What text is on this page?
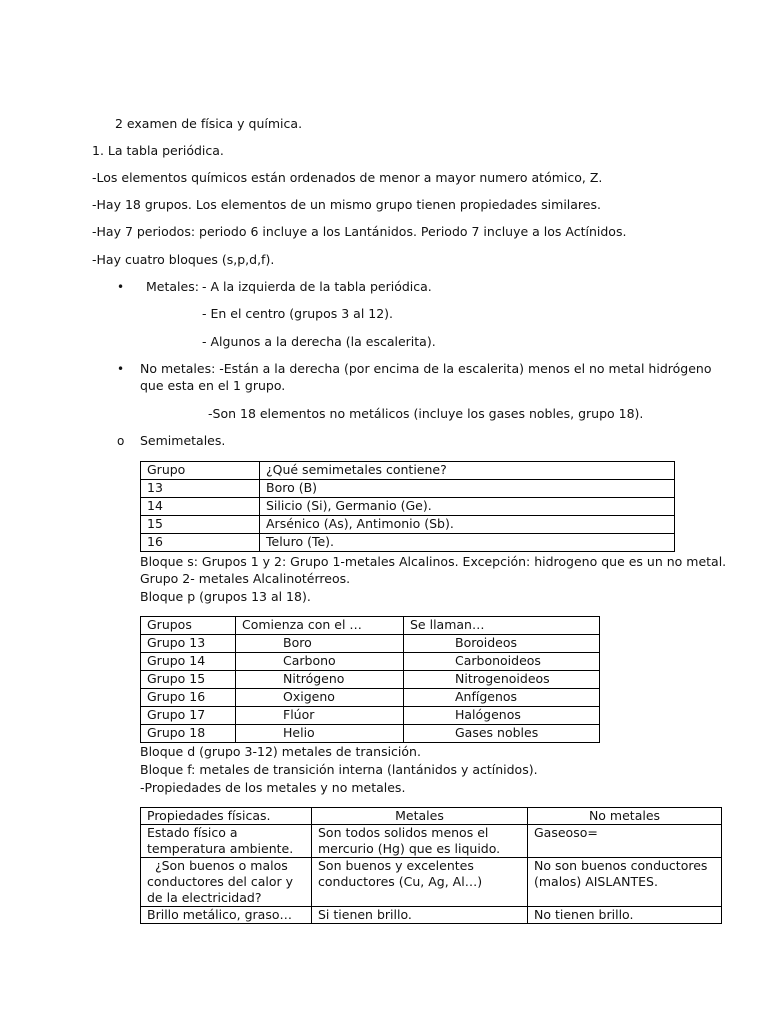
2 examen de física y química.
1. La tabla periódica.
-Los elementos químicos están ordenados de menor a mayor numero atómico, Z.
-Hay 18 grupos. Los elementos de un mismo grupo tienen propiedades similares.
-Hay 7 periodos: periodo 6 incluye a los Lantánidos. Periodo 7 incluye a los Actínidos.
-Hay cuatro bloques (s,p,d,f).
• Metales: - A la izquierda de la tabla periódica.
- En el centro (grupos 3 al 12).
- Algunos a la derecha (la escalerita).
• No metales: -Están a la derecha (por encima de la escalerita) menos el no metal hidrógeno
que esta en el 1 grupo.
-Son 18 elementos no metálicos (incluye los gases nobles, grupo 18).
o Semimetales.
Grupo	¿Qué semimetales contiene?
13	Boro (B)
14	Silicio (Si), Germanio (Ge).
15	Arsénico (As), Antimonio (Sb).
16	Teluro (Te).
Bloque s: Grupos 1 y 2: Grupo 1-metales Alcalinos. Excepción: hidrogeno que es un no metal.
Grupo 2- metales Alcalinotérreos.
Bloque p (grupos 13 al 18).
Grupos	Comienza con el …	Se llaman…
Grupo 13	Boro	Boroideos
Grupo 14	Carbono	Carbonoideos
Grupo 15	Nitrógeno	Nitrogenoideos
Grupo 16	Oxigeno	Anfígenos
Grupo 17	Flúor	Halógenos
Grupo 18	Helio	Gases nobles
Bloque d (grupo 3-12) metales de transición.
Bloque f: metales de transición interna (lantánidos y actínidos).
-Propiedades de los metales y no metales.
Propiedades físicas.	Metales	No metales
Estado físico a temperatura ambiente.	Son todos solidos menos el mercurio (Hg) que es liquido.	Gaseoso=
¿Son buenos o malos conductores del calor y de la electricidad?	Son buenos y excelentes conductores (Cu, Ag, Al…)	No son buenos conductores (malos) AISLANTES.
Brillo metálico, graso…	Si tienen brillo.	No tienen brillo.
